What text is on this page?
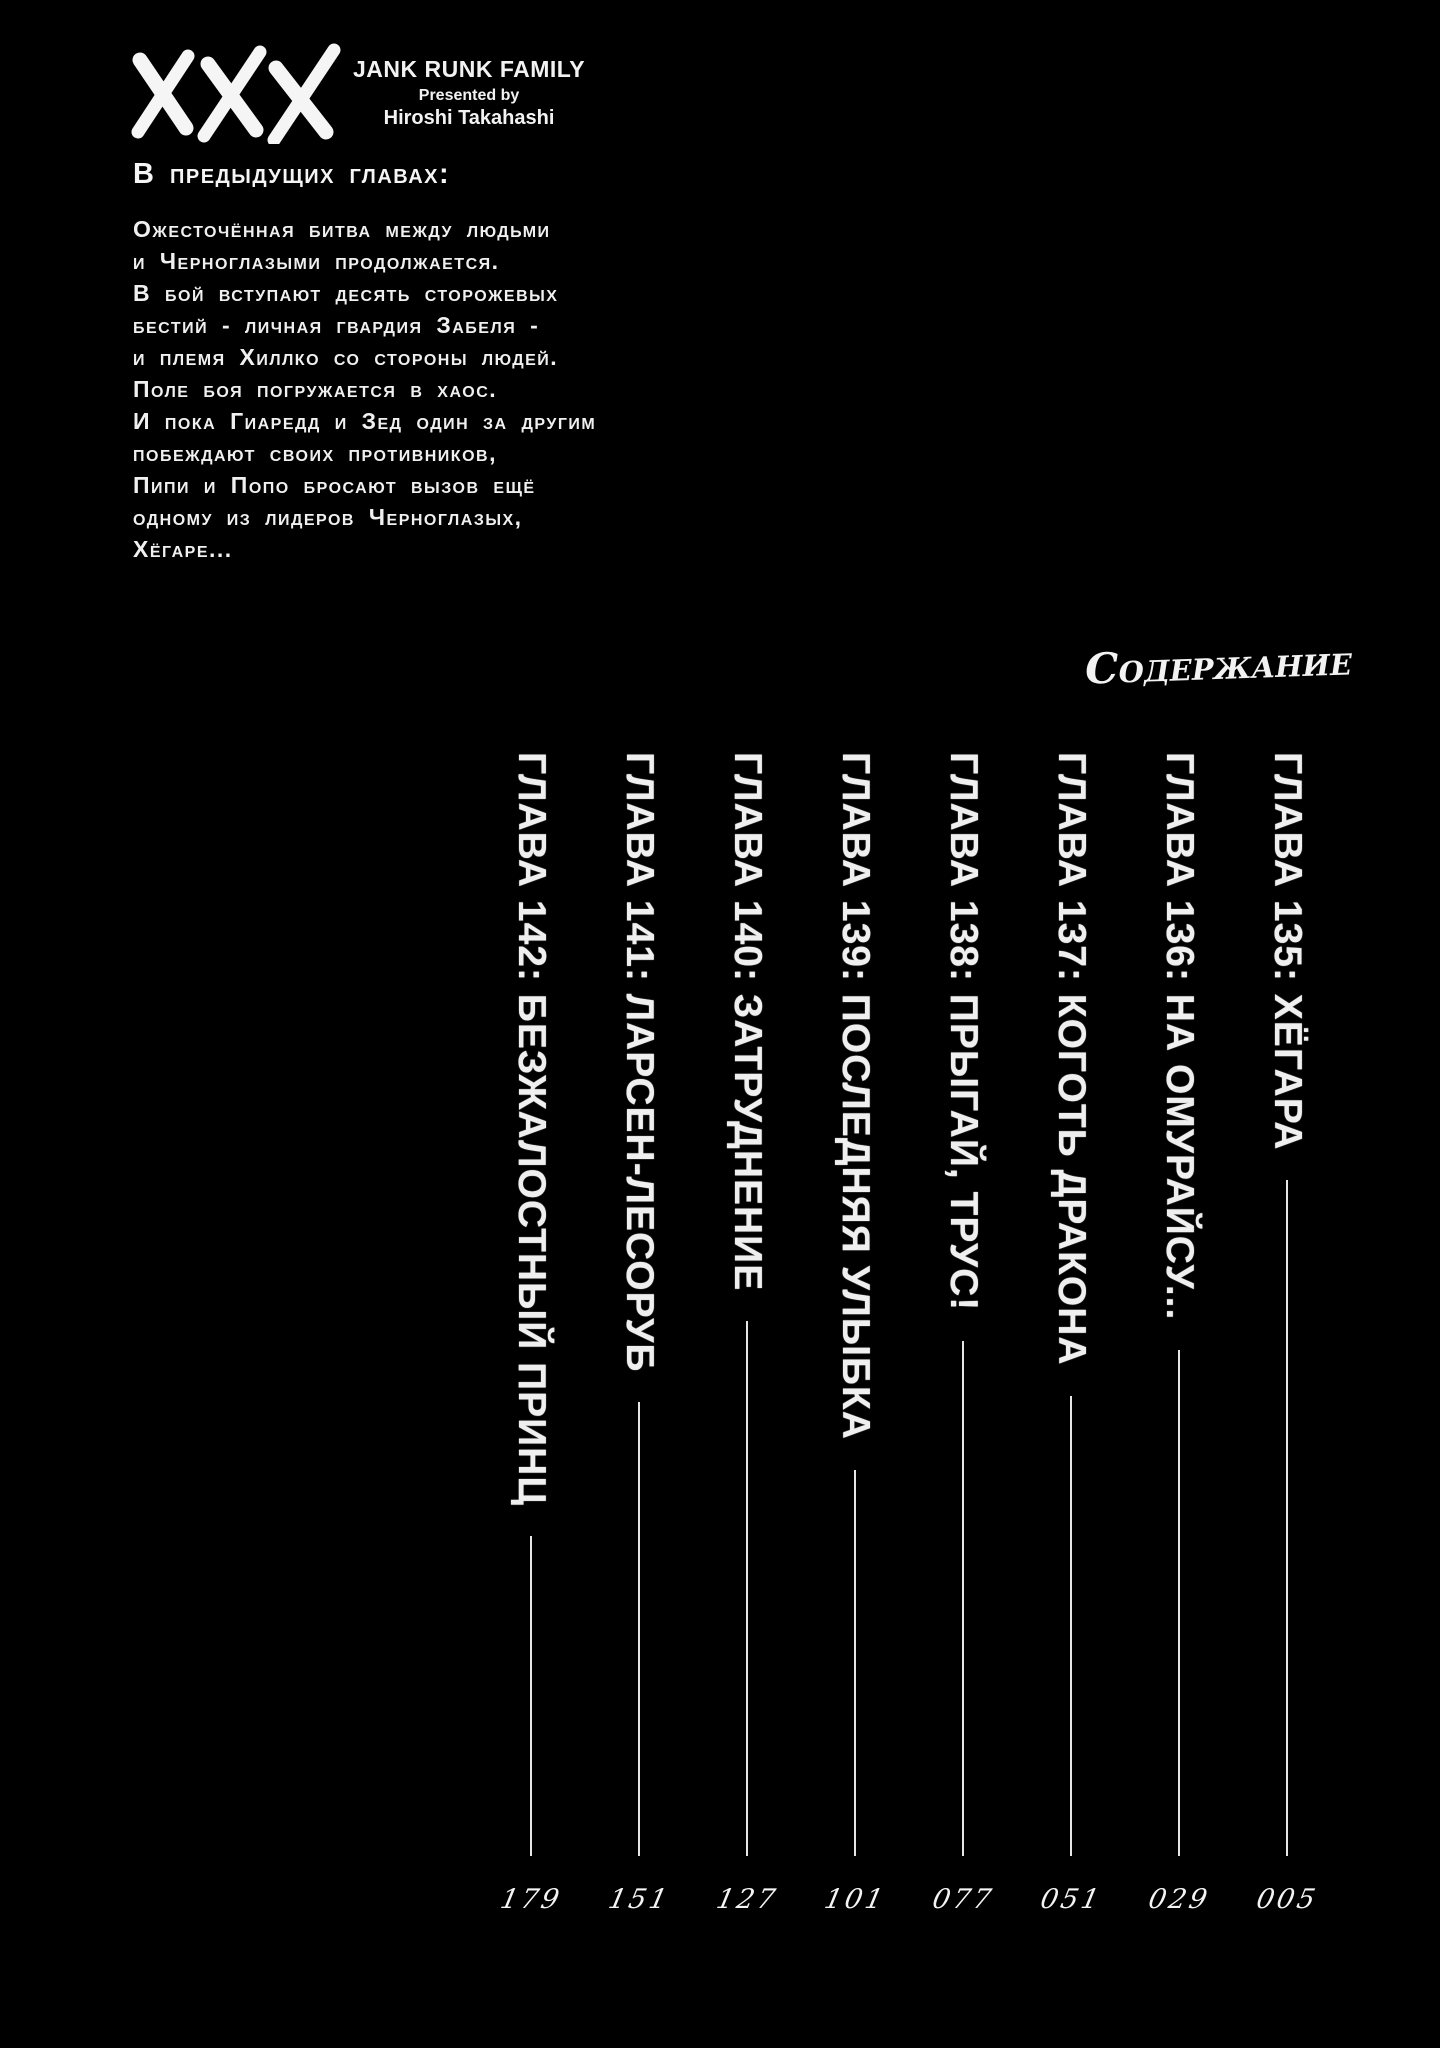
JANK RUNK FAMILY
Presented by
Hiroshi Takahashi
В предыдущих главах:
Ожесточённая битва между людьми
и Черноглазыми продолжается.
В бой вступают десять сторожевых
бестий - личная гвардия Забеля -
и племя Хиллко со стороны людей.
Поле боя погружается в хаос.
И пока Гиаредд и Зед один за другим
побеждают своих противников,
Пипи и Попо бросают вызов ещё
одному из лидеров Черноглазых,
Хёгаре...
Содержание
ГЛАВА 135: ХЁГАРА
005
ГЛАВА 136: НА ОМУРАЙСУ...
029
ГЛАВА 137: КОГОТЬ ДРАКОНА
051
ГЛАВА 138: ПРЫГАЙ, ТРУС!
077
ГЛАВА 139: ПОСЛЕДНЯЯ УЛЫБКА
101
ГЛАВА 140: ЗАТРУДНЕНИЕ
127
ГЛАВА 141: ЛАРСЕН-ЛЕСОРУБ
151
ГЛАВА 142: БЕЗЖАЛОСТНЫЙ ПРИНЦ
179
